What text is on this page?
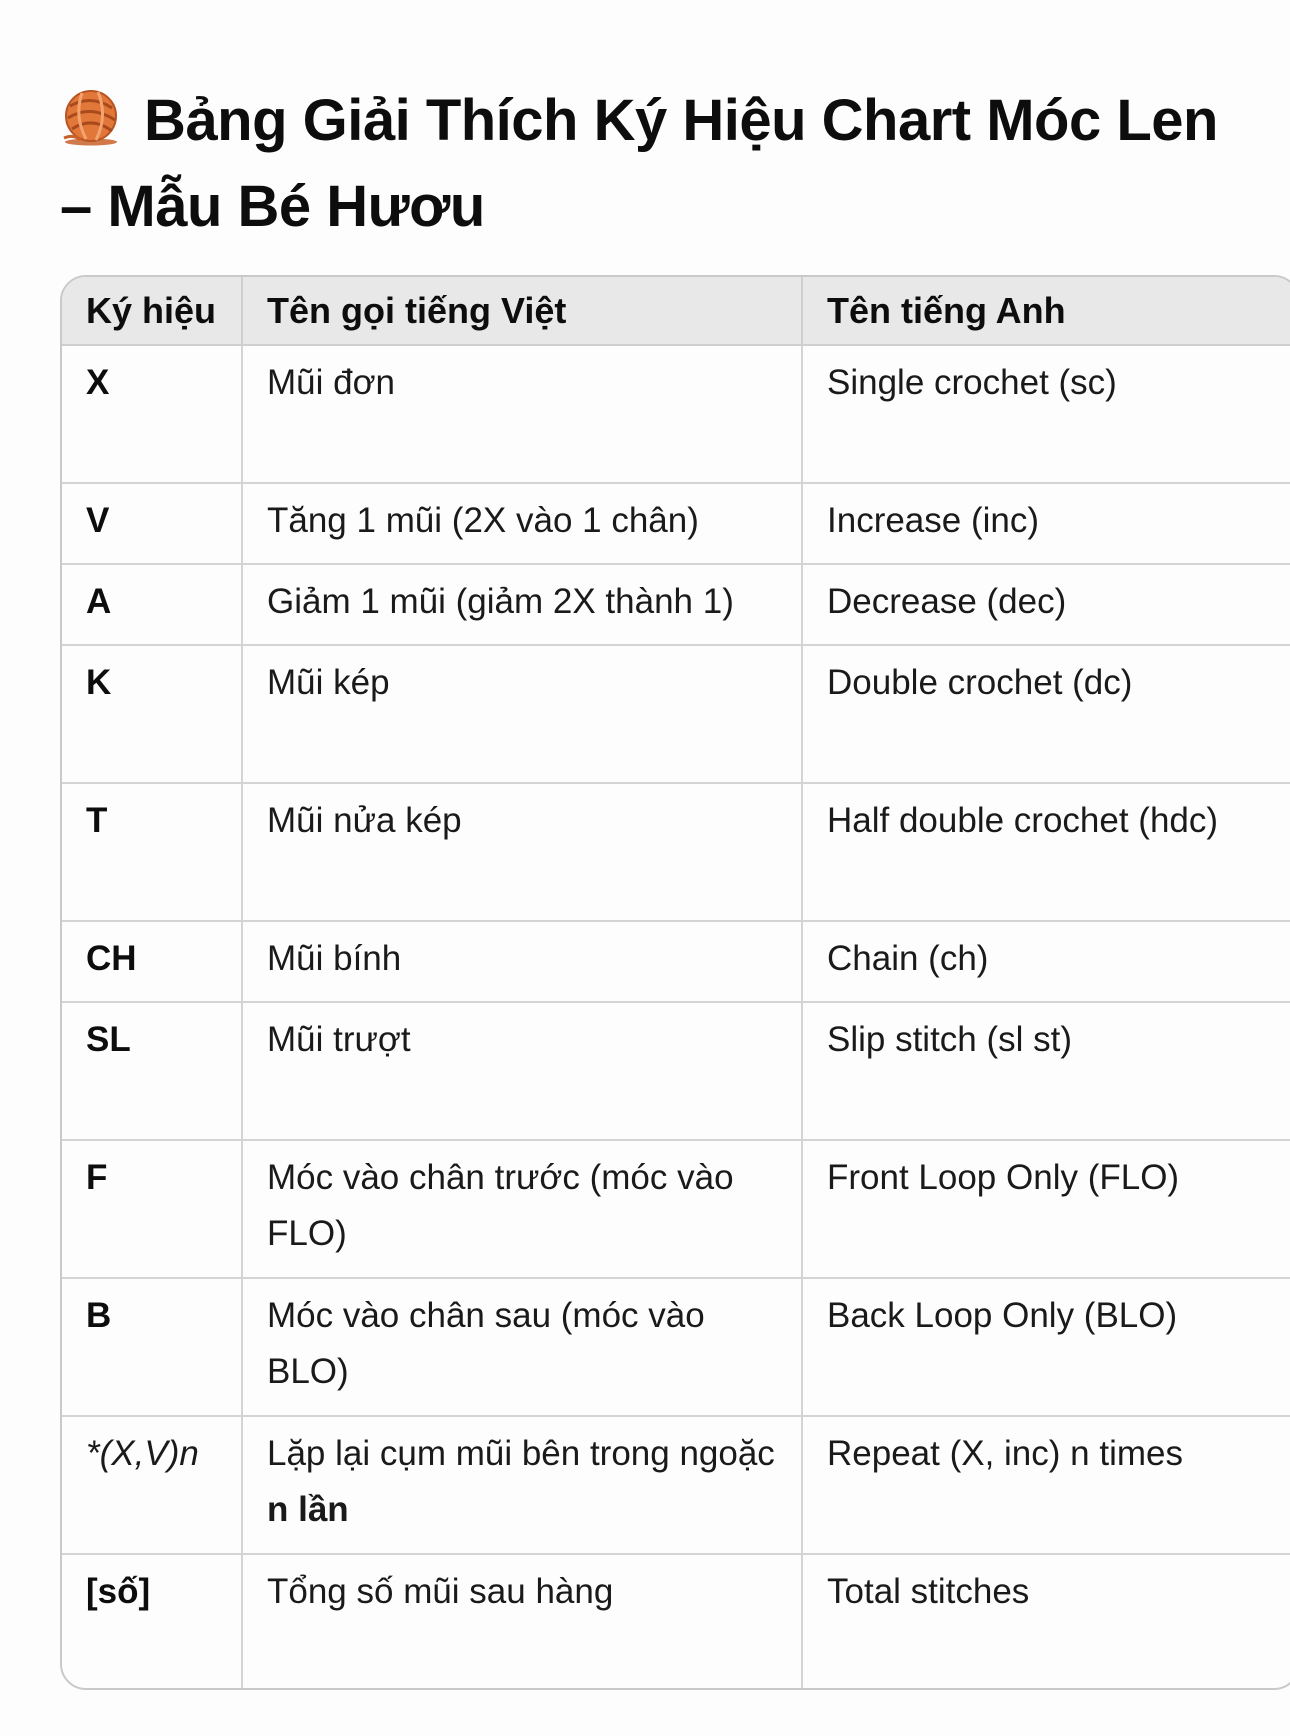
Bảng Giải Thích Ký Hiệu Chart Móc Len – Mẫu Bé Hươu
Ký hiệu	Tên gọi tiếng Việt	Tên tiếng Anh
X	Mũi đơn	Single crochet (sc)
V	Tăng 1 mũi (2X vào 1 chân)	Increase (inc)
A	Giảm 1 mũi (giảm 2X thành 1)	Decrease (dec)
K	Mũi kép	Double crochet (dc)
T	Mũi nửa kép	Half double crochet (hdc)
CH	Mũi bính	Chain (ch)
SL	Mũi trượt	Slip stitch (sl st)
F	Móc vào chân trước (móc vào FLO)	Front Loop Only (FLO)
B	Móc vào chân sau (móc vào BLO)	Back Loop Only (BLO)
*(X,V)n	Lặp lại cụm mũi bên trong ngoặc n lần	Repeat (X, inc) n times
[số]	Tổng số mũi sau hàng	Total stitches
